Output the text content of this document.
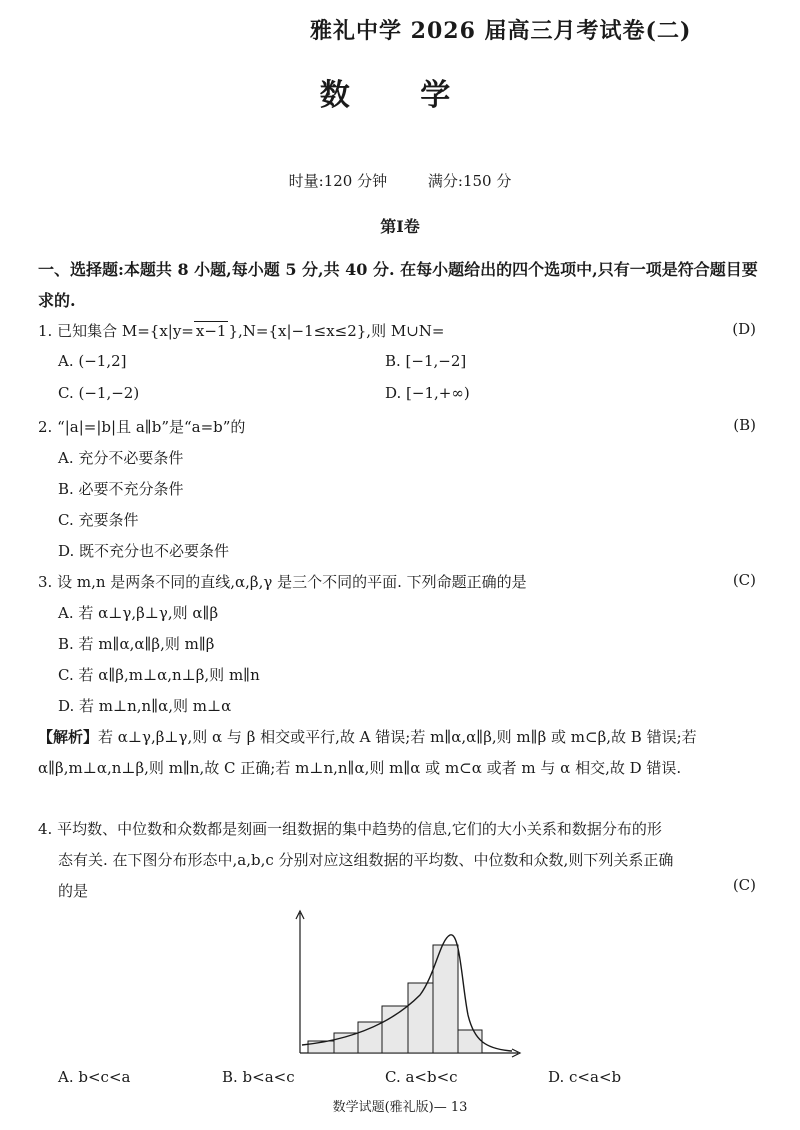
雅礼中学 2026 届高三月考试卷(二)
数 学
时量:120 分钟	满分:150 分
第Ⅰ卷
一、选择题:本题共 8 小题,每小题 5 分,共 40 分. 在每小题给出的四个选项中,只有一项是符合题目要求的.
1. 已知集合 M={x|y= x−1 },N={x|−1≤x≤2},则 M∪N=	(D)
A. (−1,2]	B. [−1,−2]
C. (−1,−2)	D. [−1,+∞)
2. “|a|=|b|且 a∥b”是“a=b”的	(B)
A. 充分不必要条件
B. 必要不充分条件
C. 充要条件
D. 既不充分也不必要条件
3. 设 m,n 是两条不同的直线,α,β,γ 是三个不同的平面. 下列命题正确的是	(C)
A. 若 α⊥γ,β⊥γ,则 α∥β
B. 若 m∥α,α∥β,则 m∥β
C. 若 α∥β,m⊥α,n⊥β,则 m∥n
D. 若 m⊥n,n∥α,则 m⊥α
【解析】若 α⊥γ,β⊥γ,则 α 与 β 相交或平行,故 A 错误;若 m∥α,α∥β,则 m∥β 或 m⊂β,故 B 错误;若 α∥β,m⊥α,n⊥β,则 m∥n,故 C 正确;若 m⊥n,n∥α,则 m∥α 或 m⊂α 或者 m 与 α 相交,故 D 错误.
4. 平均数、中位数和众数都是刻画一组数据的集中趋势的信息,它们的大小关系和数据分布的形
态有关. 在下图分布形态中,a,b,c 分别对应这组数据的平均数、中位数和众数,则下列关系正确
的是	(C)
A. b<c<a	B. b<a<c	C. a<b<c	D. c<a<b
数学试题(雅礼版)— 13
